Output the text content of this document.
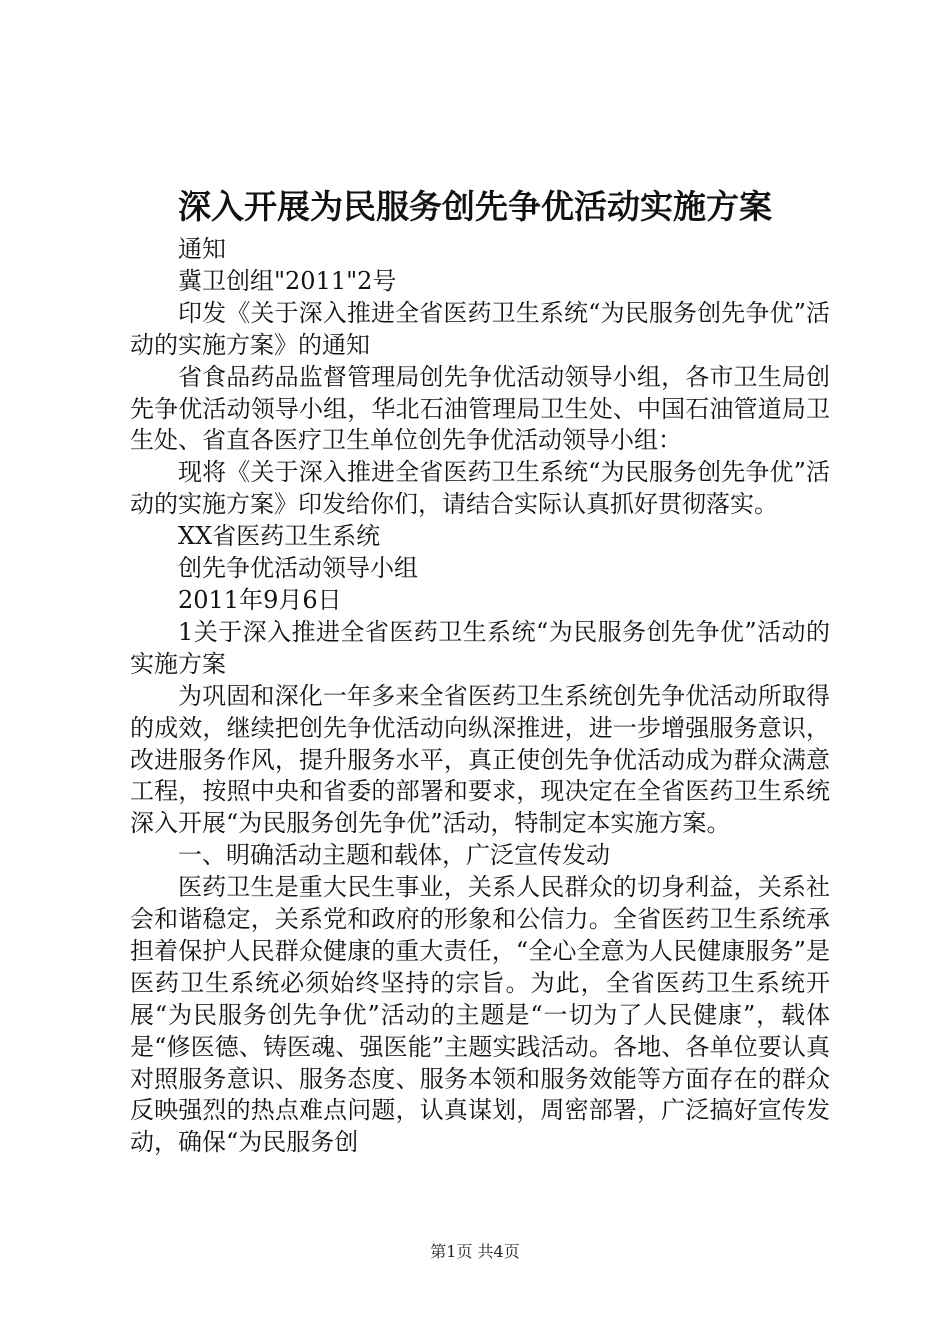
深入开展为民服务创先争优活动实施方案

通知

冀卫创组"2011"2号

印发《关于深入推进全省医药卫生系统“为民服务创先争优”活动的实施方案》的通知

省食品药品监督管理局创先争优活动领导小组，各市卫生局创先争优活动领导小组，华北石油管理局卫生处、中国石油管道局卫生处、省直各医疗卫生单位创先争优活动领导小组：

现将《关于深入推进全省医药卫生系统“为民服务创先争优”活动的实施方案》印发给你们，请结合实际认真抓好贯彻落实。

XX省医药卫生系统

创先争优活动领导小组

2011年9月6日

1关于深入推进全省医药卫生系统“为民服务创先争优”活动的实施方案

为巩固和深化一年多来全省医药卫生系统创先争优活动所取得的成效，继续把创先争优活动向纵深推进，进一步增强服务意识，改进服务作风，提升服务水平，真正使创先争优活动成为群众满意工程，按照中央和省委的部署和要求，现决定在全省医药卫生系统深入开展“为民服务创先争优”活动，特制定本实施方案。

一、明确活动主题和载体，广泛宣传发动

医药卫生是重大民生事业，关系人民群众的切身利益，关系社会和谐稳定，关系党和政府的形象和公信力。全省医药卫生系统承担着保护人民群众健康的重大责任，“全心全意为人民健康服务”是医药卫生系统必须始终坚持的宗旨。为此，全省医药卫生系统开展“为民服务创先争优”活动的主题是“一切为了人民健康”，载体是“修医德、铸医魂、强医能”主题实践活动。各地、各单位要认真对照服务意识、服务态度、服务本领和服务效能等方面存在的群众反映强烈的热点难点问题，认真谋划，周密部署，广泛搞好宣传发动，确保“为民服务创

第1页 共4页
